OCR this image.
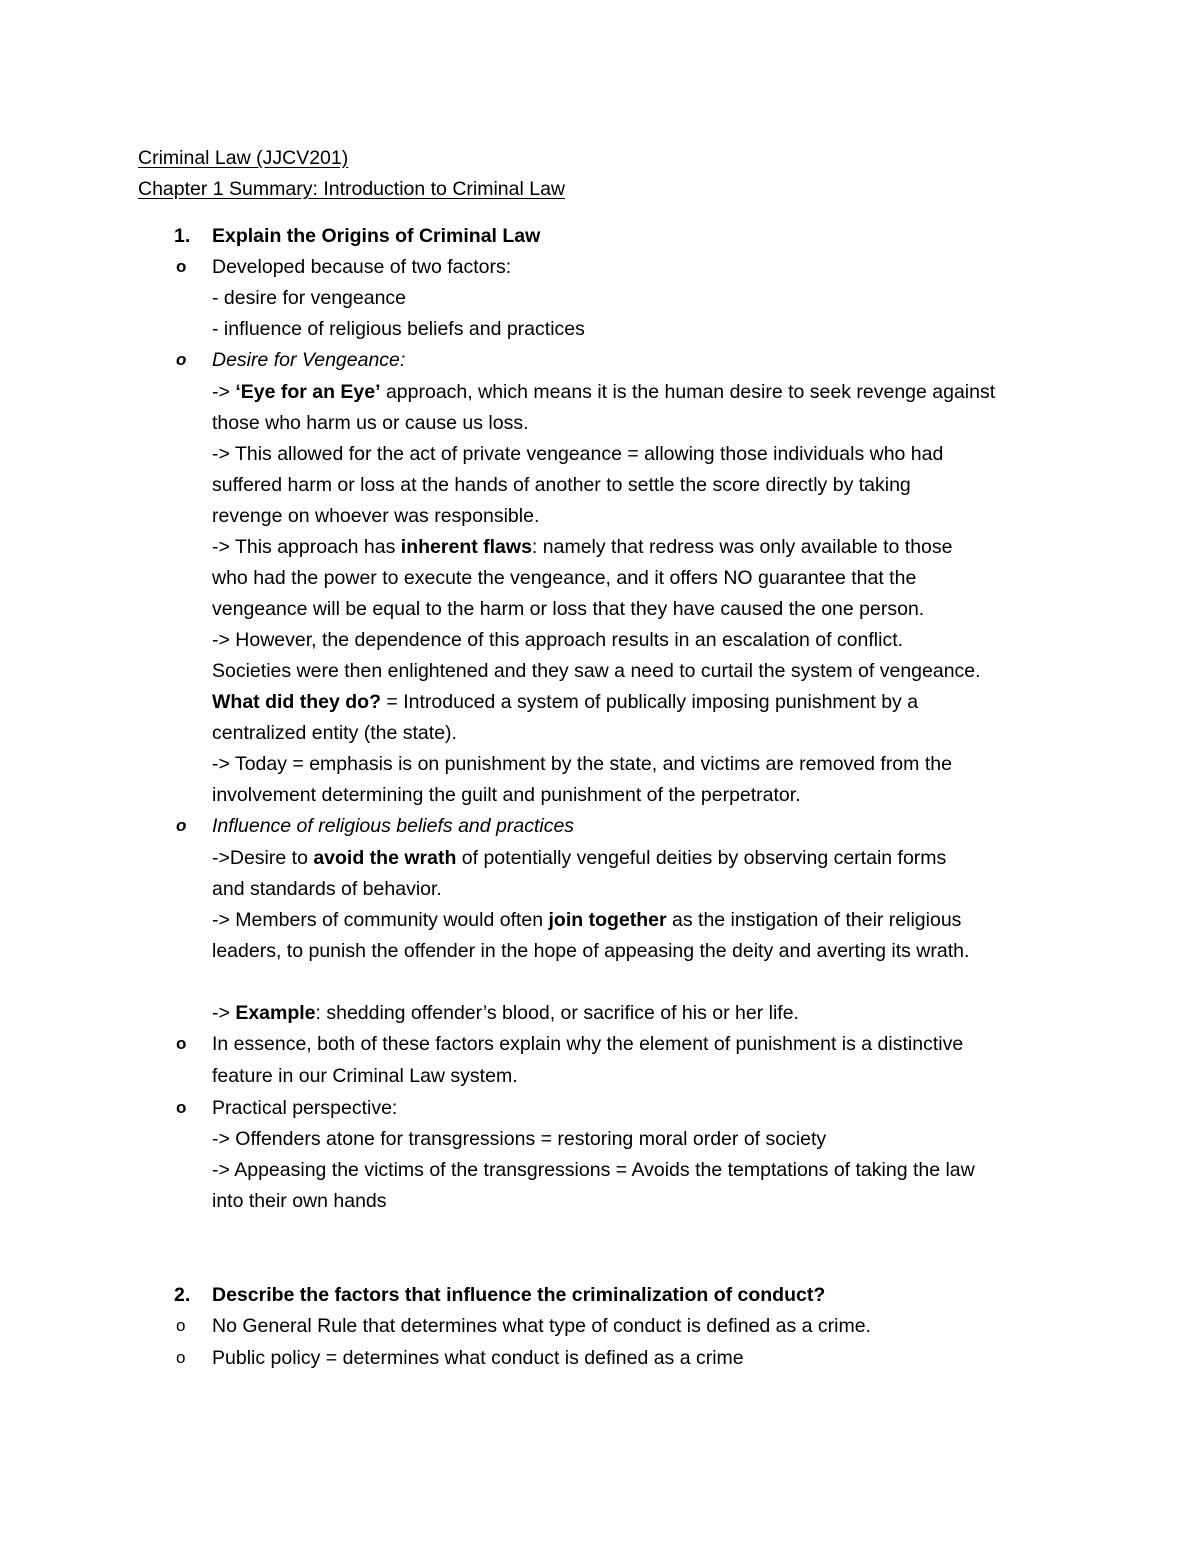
Criminal Law (JJCV201)
Chapter 1 Summary: Introduction to Criminal Law
1. Explain the Origins of Criminal Law
o Developed because of two factors:
- desire for vengeance
- influence of religious beliefs and practices
o Desire for Vengeance:
-> ‘Eye for an Eye’ approach, which means it is the human desire to seek revenge against
those who harm us or cause us loss.
-> This allowed for the act of private vengeance = allowing those individuals who had
suffered harm or loss at the hands of another to settle the score directly by taking
revenge on whoever was responsible.
-> This approach has inherent flaws: namely that redress was only available to those
who had the power to execute the vengeance, and it offers NO guarantee that the
vengeance will be equal to the harm or loss that they have caused the one person.
-> However, the dependence of this approach results in an escalation of conflict.
Societies were then enlightened and they saw a need to curtail the system of vengeance.
What did they do? = Introduced a system of publically imposing punishment by a
centralized entity (the state).
-> Today = emphasis is on punishment by the state, and victims are removed from the
involvement determining the guilt and punishment of the perpetrator.
o Influence of religious beliefs and practices
->Desire to avoid the wrath of potentially vengeful deities by observing certain forms
and standards of behavior.
-> Members of community would often join together as the instigation of their religious
leaders, to punish the offender in the hope of appeasing the deity and averting its wrath.
-> Example: shedding offender’s blood, or sacrifice of his or her life.
o In essence, both of these factors explain why the element of punishment is a distinctive
feature in our Criminal Law system.
o Practical perspective:
-> Offenders atone for transgressions = restoring moral order of society
-> Appeasing the victims of the transgressions = Avoids the temptations of taking the law
into their own hands
2. Describe the factors that influence the criminalization of conduct?
o No General Rule that determines what type of conduct is defined as a crime.
o Public policy = determines what conduct is defined as a crime
